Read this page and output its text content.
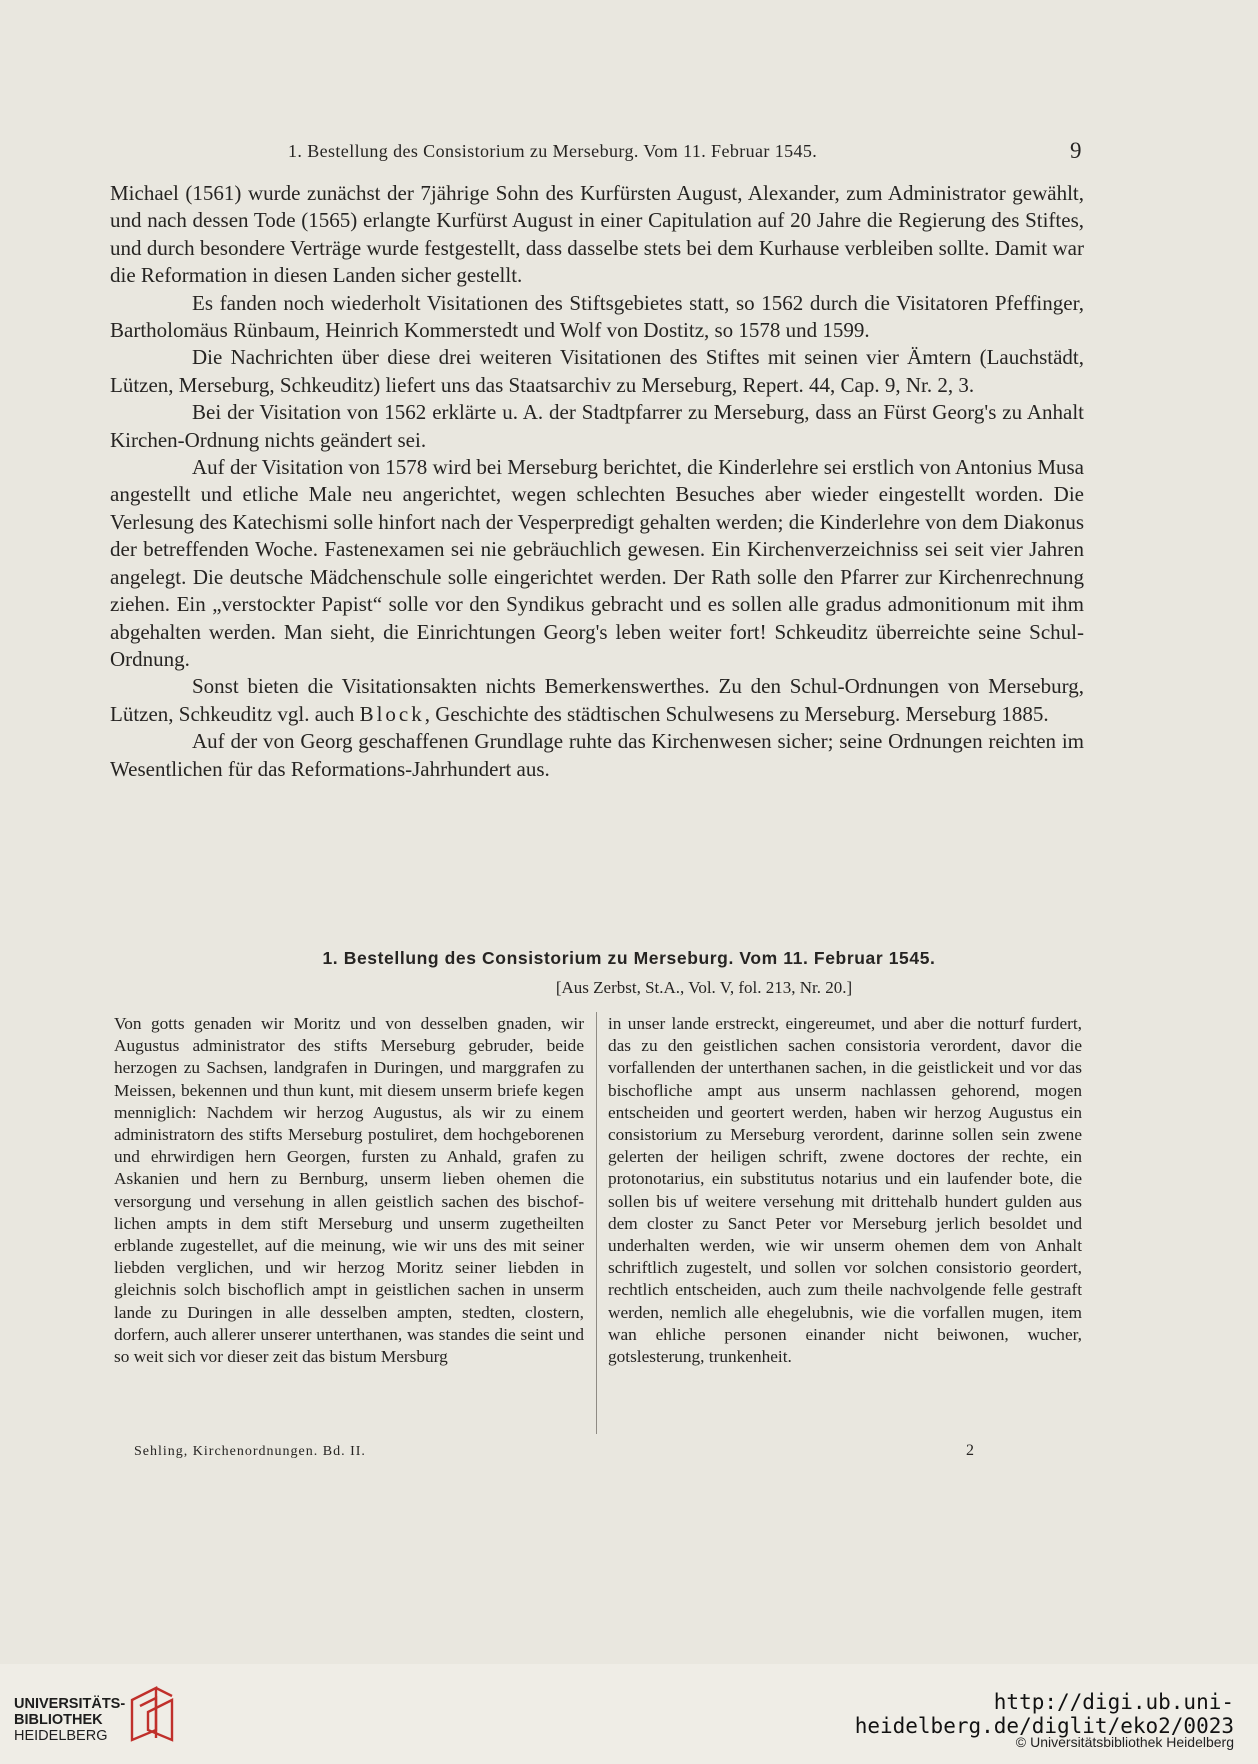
1. Bestellung des Consistorium zu Merseburg. Vom 11. Februar 1545.	9

Michael (1561) wurde zunächst der 7jährige Sohn des Kurfürsten August, Alexander, zum Administrator gewählt, und nach dessen Tode (1565) erlangte Kurfürst August in einer Capitulation auf 20 Jahre die Regierung des Stiftes, und durch besondere Verträge wurde festgestellt, dass dasselbe stets bei dem Kurhause verbleiben sollte. Damit war die Reformation in diesen Landen sicher gestellt.

Es fanden noch wiederholt Visitationen des Stiftsgebietes statt, so 1562 durch die Visitatoren Pfeffinger, Bartholomäus Rünbaum, Heinrich Kommerstedt und Wolf von Dostitz, so 1578 und 1599.

Die Nachrichten über diese drei weiteren Visitationen des Stiftes mit seinen vier Ämtern (Lauchstädt, Lützen, Merseburg, Schkeuditz) liefert uns das Staatsarchiv zu Merseburg, Repert. 44, Cap. 9, Nr. 2, 3.

Bei der Visitation von 1562 erklärte u. A. der Stadtpfarrer zu Merseburg, dass an Fürst Georg's zu Anhalt Kirchen-Ordnung nichts geändert sei.

Auf der Visitation von 1578 wird bei Merseburg berichtet, die Kinderlehre sei erstlich von Antonius Musa angestellt und etliche Male neu angerichtet, wegen schlechten Besuches aber wieder eingestellt worden. Die Verlesung des Katechismi solle hinfort nach der Vesperpredigt gehalten werden; die Kinderlehre von dem Diakonus der betreffenden Woche. Fastenexamen sei nie gebräuchlich gewesen. Ein Kirchenverzeichniss sei seit vier Jahren angelegt. Die deutsche Mädchenschule solle eingerichtet werden. Der Rath solle den Pfarrer zur Kirchenrechnung ziehen. Ein „verstockter Papist“ solle vor den Syndikus gebracht und es sollen alle gradus admonitionum mit ihm abgehalten werden. Man sieht, die Einrichtungen Georg's leben weiter fort! Schkeuditz überreichte seine Schul-Ordnung.

Sonst bieten die Visitationsakten nichts Bemerkenswerthes. Zu den Schul-Ordnungen von Merseburg, Lützen, Schkeuditz vgl. auch Block, Geschichte des städtischen Schulwesens zu Merseburg. Merseburg 1885.

Auf der von Georg geschaffenen Grundlage ruhte das Kirchenwesen sicher; seine Ordnungen reichten im Wesentlichen für das Reformations-Jahrhundert aus.

1. Bestellung des Consistorium zu Merseburg. Vom 11. Februar 1545.
[Aus Zerbst, St.A., Vol. V, fol. 213, Nr. 20.]

Von gotts genaden wir Moritz und von desselben gnaden, wir Augustus administrator des stifts Merseburg gebruder, beide herzogen zu Sachsen, landgrafen in Duringen, und marggrafen zu Meissen, bekennen und thun kunt, mit diesem unserm briefe kegen menniglich: Nachdem wir herzog Augustus, als wir zu einem administratorn des stifts Merseburg postuliret, dem hochgeborenen und ehrwirdigen hern Georgen, fursten zu Anhald, grafen zu Askanien und hern zu Bernburg, unserm lieben ohemen die versorgung und versehung in allen geistlich sachen des bischoflichen ampts in dem stift Merseburg und unserm zugetheilten erblande zugestellet, auf die meinung, wie wir uns des mit seiner liebden verglichen, und wir herzog Moritz seiner liebden in gleichnis solch bischoflich ampt in geistlichen sachen in unserm lande zu Duringen in alle desselben ampten, stedten, clostern, dorfern, auch allerer unserer unterthanen, was standes die seint und so weit sich vor dieser zeit das bistum Mersburg

in unser lande erstreckt, eingereumet, und aber die notturf furdert, das zu den geistlichen sachen consistoria verordent, davor die vorfallenden der unterthanen sachen, in die geistlickeit und vor das bischofliche ampt aus unserm nachlassen gehorend, mogen entscheiden und geortert werden, haben wir herzog Augustus ein consistorium zu Merseburg verordent, darinne sollen sein zwene gelerten der heiligen schrift, zwene doctores der rechte, ein protonotarius, ein substitutus notarius und ein laufender bote, die sollen bis uf weitere versehung mit drittehalb hundert gulden aus dem closter zu Sanct Peter vor Merseburg jerlich besoldet und underhalten werden, wie wir unserm ohemen dem von Anhalt schriftlich zugestelt, und sollen vor solchen consistorio geordert, rechtlich entscheiden, auch zum theile nachvolgende felle gestraft werden, nemlich alle ehegelubnis, wie die vorfallen mugen, item wan ehliche personen einander nicht beiwonen, wucher, gotslesterung, trunkenheit.

Sehling, Kirchenordnungen. Bd. II.	2
UNIVERSITÄTS-
BIBLIOTHEK
HEIDELBERG
http://digi.ub.uni-heidelberg.de/diglit/eko2/0023
© Universitätsbibliothek Heidelberg
